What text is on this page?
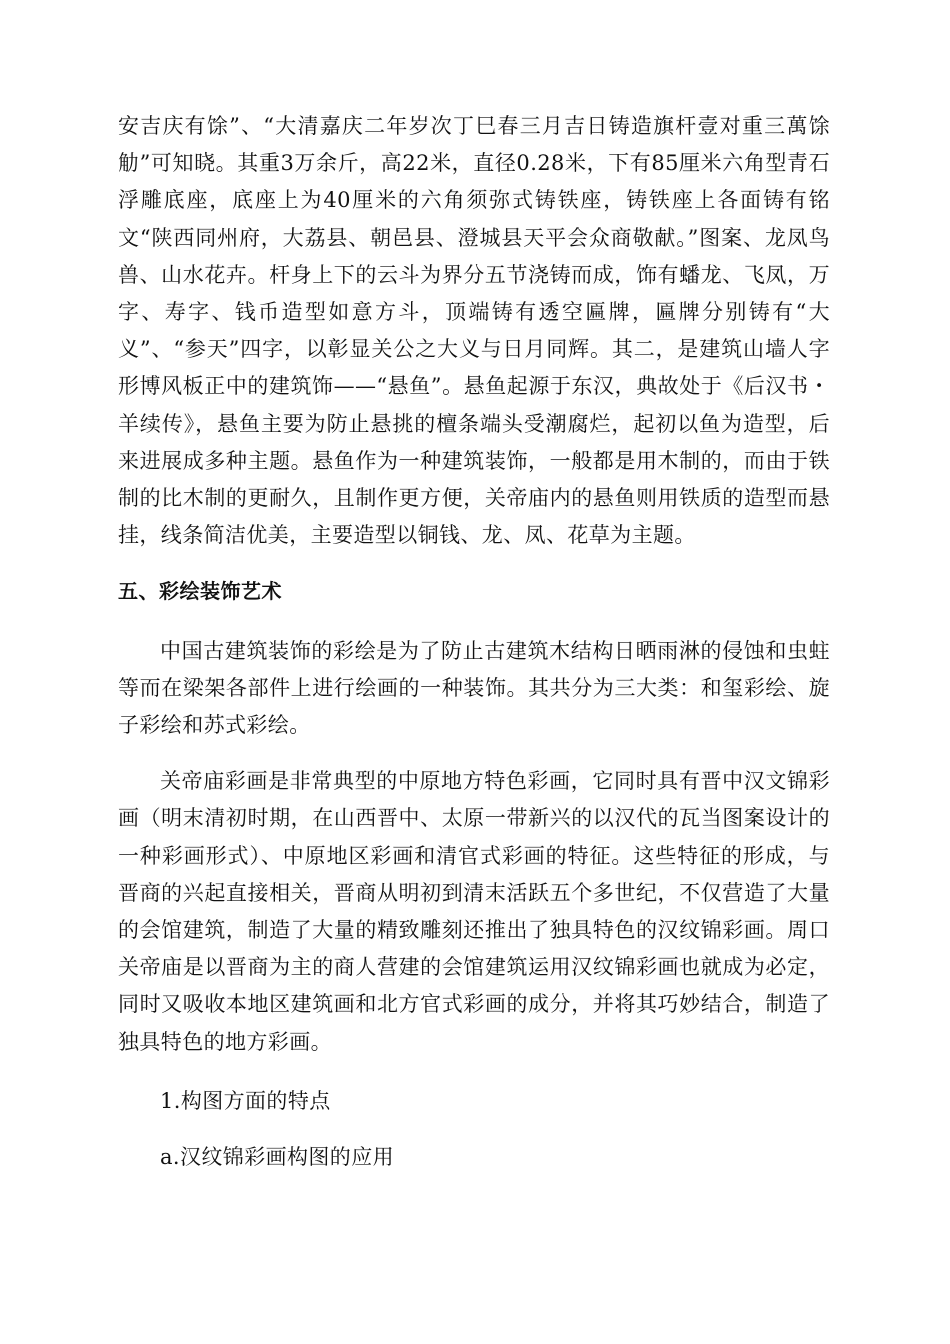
安吉庆有馀”、“大清嘉庆二年岁次丁巳春三月吉日铸造旗杆壹对重三萬馀觔”可知晓。其重3万余斤，高22米，直径0.28米，下有85厘米六角型青石浮雕底座，底座上为40厘米的六角须弥式铸铁座，铸铁座上各面铸有铭文“陕西同州府，大荔县、朝邑县、澄城县天平会众商敬献。”图案、龙凤鸟兽、山水花卉。杆身上下的云斗为界分五节浇铸而成，饰有蟠龙、飞凤，万字、寿字、钱币造型如意方斗，顶端铸有透空匾牌，匾牌分别铸有“大义”、“参天”四字，以彰显关公之大义与日月同辉。其二，是建筑山墙人字形博风板正中的建筑饰——“悬鱼”。悬鱼起源于东汉，典故处于《后汉书・羊续传》，悬鱼主要为防止悬挑的檀条端头受潮腐烂，起初以鱼为造型，后来进展成多种主题。悬鱼作为一种建筑装饰，一般都是用木制的，而由于铁制的比木制的更耐久，且制作更方便，关帝庙内的悬鱼则用铁质的造型而悬挂，线条简洁优美，主要造型以铜钱、龙、凤、花草为主题。

五、彩绘装饰艺术

中国古建筑装饰的彩绘是为了防止古建筑木结构日晒雨淋的侵蚀和虫蛀等而在梁架各部件上进行绘画的一种装饰。其共分为三大类：和玺彩绘、旋子彩绘和苏式彩绘。

关帝庙彩画是非常典型的中原地方特色彩画，它同时具有晋中汉文锦彩画（明末清初时期，在山西晋中、太原一带新兴的以汉代的瓦当图案设计的一种彩画形式）、中原地区彩画和清官式彩画的特征。这些特征的形成，与晋商的兴起直接相关，晋商从明初到清末活跃五个多世纪，不仅营造了大量的会馆建筑，制造了大量的精致雕刻还推出了独具特色的汉纹锦彩画。周口关帝庙是以晋商为主的商人营建的会馆建筑运用汉纹锦彩画也就成为必定，同时又吸收本地区建筑画和北方官式彩画的成分，并将其巧妙结合，制造了独具特色的地方彩画。

1.构图方面的特点

a.汉纹锦彩画构图的应用
